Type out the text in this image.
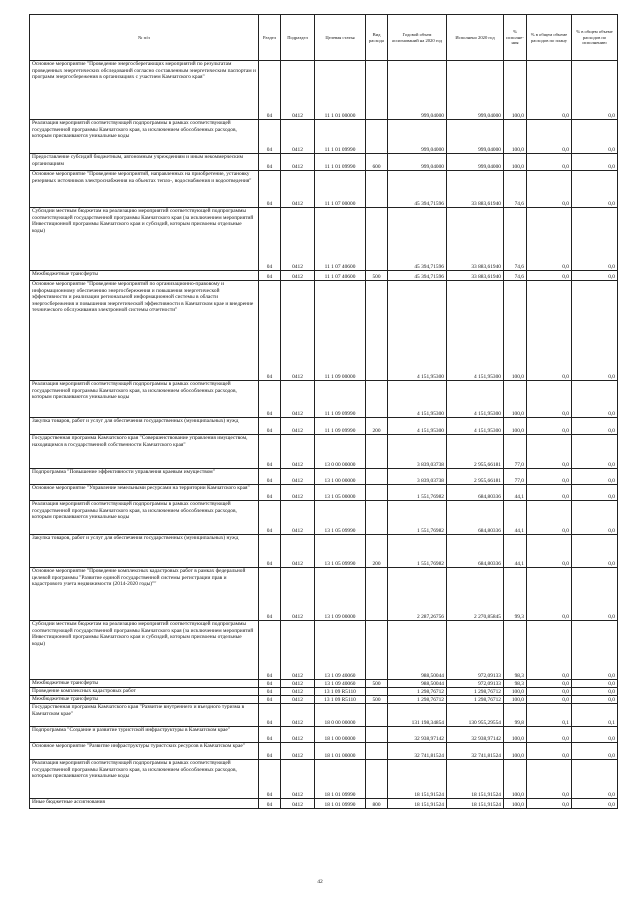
№ п/п	Раздел	Подраздел	Целевая статья	Вид расхода	Годовой объем ассигнований на 2020 год	Исполнено 2020 год	% исполне-ния	% в общем объеме расходов по плану	% в общем объеме расходов по исполнению
Основное мероприятие "Проведение энергосберегающих мероприятий по результатам проведенных энергетических обследований согласно составленным энергетическим паспортам и программ энергосбережения в организациях с участием Камчатского края"	04	0412	11 1 01 00000		999,04000	999,04000	100,0	0,0	0,0
Реализация мероприятий соответствующей подпрограммы в рамках соответствующей государственной программы Камчатского края, за исключением обособленных расходов, которым присваиваются уникальные коды	04	0412	11 1 01 09990		999,04000	999,04000	100,0	0,0	0,0
Предоставление субсидий бюджетным, автономным учреждениям и иным некоммерческим организациям	04	0412	11 1 01 09990	600	999,04000	999,04000	100,0	0,0	0,0
Основное мероприятие "Проведение мероприятий, направленных на приобретение, установку резервных источников электроснабжения на объектах тепло-, водоснабжения и водоотведения"	04	0412	11 1 07 00000		45 394,71596	33 883,61940	74,6	0,0	0,0
Субсидии местным бюджетам на реализацию мероприятий соответствующей подпрограммы соответствующей государственной программы Камчатского края (за исключением мероприятий Инвестиционной программы Камчатского края и субсидий, которым присвоены отдельные коды)	04	0412	11 1 07 40600		45 394,71596	33 883,61940	74,6	0,0	0,0
Межбюджетные трансферты	04	0412	11 1 07 40600	500	45 394,71596	33 883,61940	74,6	0,0	0,0
Основное мероприятие "Проведение мероприятий по организационно-правовому и информационному обеспечению энергосбережения и повышения энергетической эффективности и реализации региональной информационной системы в области энергосбережения и повышения энергетической эффективности в Камчатском крае и внедрение технического обслуживания электронной системы отчетности"	04	0412	11 1 09 00000		4 151,95300	4 151,95300	100,0	0,0	0,0
Реализация мероприятий соответствующей подпрограммы в рамках соответствующей государственной программы Камчатского края, за исключением обособленных расходов, которым присваиваются уникальные коды	04	0412	11 1 09 09990		4 151,95300	4 151,95300	100,0	0,0	0,0
Закупка товаров, работ и услуг для обеспечения государственных (муниципальных) нужд	04	0412	11 1 09 09990	200	4 151,95300	4 151,95300	100,0	0,0	0,0
Государственная программа Камчатского края "Совершенствование управления имуществом, находящимся в государственной собственности Камчатского края"	04	0412	13 0 00 00000		3 839,03738	2 955,66181	77,0	0,0	0,0
Подпрограмма "Повышение эффективности управления краевым имуществом"	04	0412	13 1 00 00000		3 839,03738	2 955,66181	77,0	0,0	0,0
Основное мероприятие "Управление земельными ресурсами на территории Камчатского края"	04	0412	13 1 05 00000		1 551,76982	684,80336	44,1	0,0	0,0
Реализация мероприятий соответствующей подпрограммы в рамках соответствующей государственной программы Камчатского края, за исключением обособленных расходов, которым присваиваются уникальные коды	04	0412	13 1 05 09990		1 551,76982	684,80336	44,1	0,0	0,0
Закупка товаров, работ и услуг для обеспечения государственных (муниципальных) нужд	04	0412	13 1 05 09990	200	1 551,76982	684,80336	44,1	0,0	0,0
Основное мероприятие "Проведение комплексных кадастровых работ в рамках федеральной целевой программы "Развитие единой государственной системы регистрации прав и кадастрового учета недвижимости (2014-2020 годы)""	04	0412	13 1 09 00000		2 287,26756	2 270,85845	99,3	0,0	0,0
Субсидии местным бюджетам на реализацию мероприятий соответствующей подпрограммы соответствующей государственной программы Камчатского края (за исключением мероприятий Инвестиционной программы Камчатского края и субсидий, которым присвоены отдельные коды)	04	0412	13 1 09 40060		988,50044	972,09133	98,3	0,0	0,0
Межбюджетные трансферты	04	0412	13 1 09 40060	500	988,50044	972,09133	98,3	0,0	0,0
Проведение комплексных кадастровых работ	04	0412	13 1 09 R5110		1 298,76712	1 298,76712	100,0	0,0	0,0
Межбюджетные трансферты	04	0412	13 1 09 R5110	500	1 298,76712	1 298,76712	100,0	0,0	0,0
Государственная программа Камчатского края "Развитие внутреннего и въездного туризма в Камчатском крае"	04	0412	18 0 00 00000		131 198,34854	130 955,29554	99,8	0,1	0,1
Подпрограмма "Создание и развитие туристской инфраструктуры в Камчатском крае"	04	0412	18 1 00 00000		32 938,97142	32 938,97142	100,0	0,0	0,0
Основное мероприятие "Развитие инфраструктуры туристских ресурсов в Камчатском крае"	04	0412	18 1 01 00000		32 741,81524	32 741,81524	100,0	0,0	0,0
Реализация мероприятий соответствующей подпрограммы в рамках соответствующей государственной программы Камчатского края, за исключением обособленных расходов, которым присваиваются уникальные коды	04	0412	18 1 01 09990		18 151,91524	18 151,91524	100,0	0,0	0,0
Иные бюджетные ассигнования	04	0412	18 1 01 09990	800	18 151,91524	18 151,91524	100,0	0,0	0,0
42
